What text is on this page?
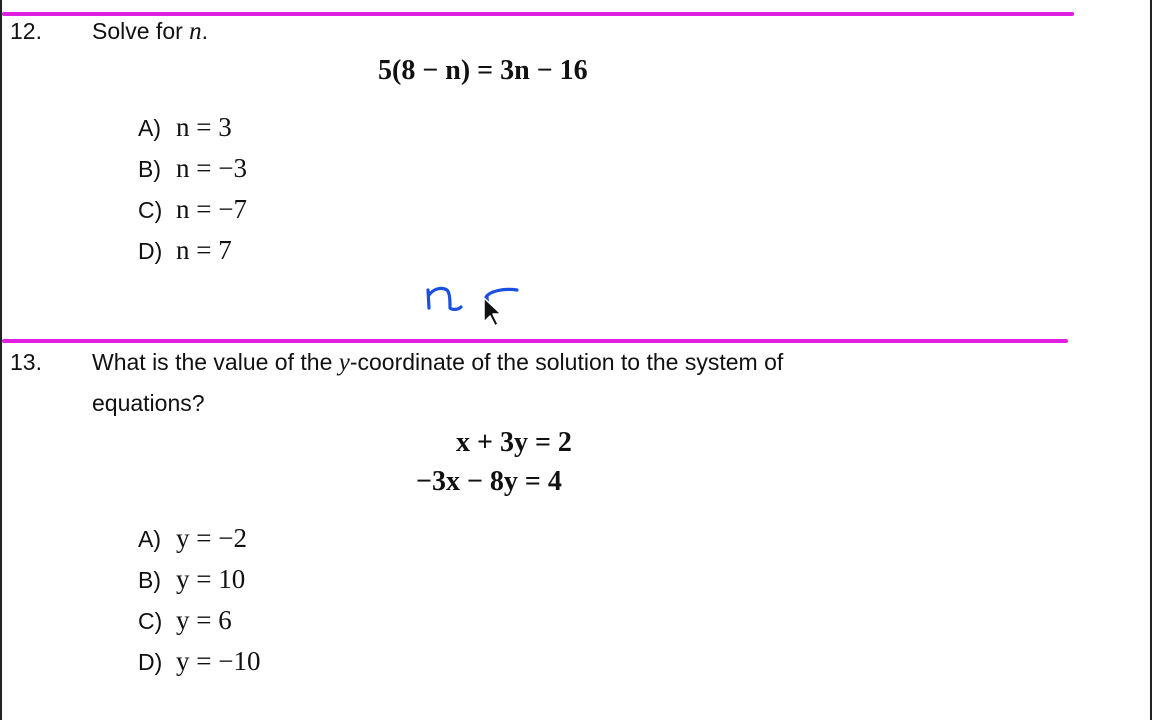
12. Solve for n.
5(8 − n) = 3n − 16
A) n = 3
B) n = −3
C) n = −7
D) n = 7
13. What is the value of the y-coordinate of the solution to the system of
equations?
x + 3y = 2
−3x − 8y = 4
A) y = −2
B) y = 10
C) y = 6
D) y = −10
